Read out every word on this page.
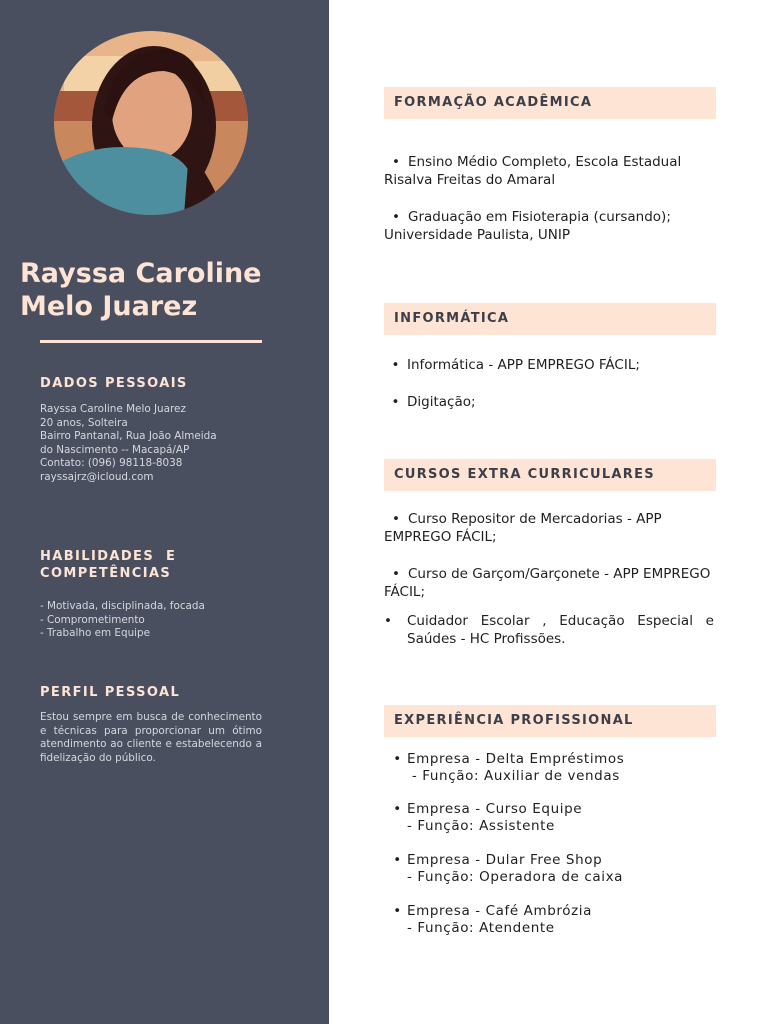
Rayssa Caroline
Melo Juarez
DADOS PESSOAIS
Rayssa Caroline Melo Juarez
20 anos, Solteira
Bairro Pantanal, Rua João Almeida
do Nascimento -- Macapá/AP
Contato: (096) 98118-8038
rayssajrz@icloud.com
HABILIDADES E COMPETÊNCIAS
- Motivada, disciplinada, focada
- Comprometimento
- Trabalho em Equipe
PERFIL PESSOAL
Estou sempre em busca de conhecimento e técnicas para proporcionar um ótimo atendimento ao cliente e estabelecendo a fidelização do público.
FORMAÇÃO ACADÊMICA
• Ensino Médio Completo, Escola Estadual Risalva Freitas do Amaral
• Graduação em Fisioterapia (cursando); Universidade Paulista, UNIP
INFORMÁTICA
• Informática - APP EMPREGO FÁCIL;
• Digitação;
CURSOS EXTRA CURRICULARES
• Curso Repositor de Mercadorias - APP EMPREGO FÁCIL;
• Curso de Garçom/Garçonete - APP EMPREGO FÁCIL;
• Cuidador Escolar , Educação Especial e Saúdes - HC Profissões.
EXPERIÊNCIA PROFISSIONAL
• Empresa - Delta Empréstimos
- Função: Auxiliar de vendas
• Empresa - Curso Equipe
- Função: Assistente
• Empresa - Dular Free Shop
- Função: Operadora de caixa
• Empresa - Café Ambrózia
- Função: Atendente
